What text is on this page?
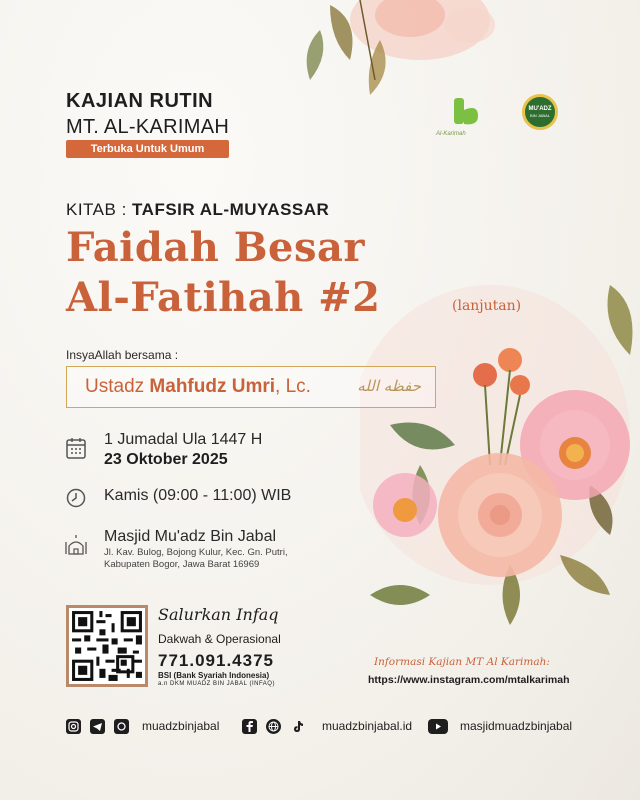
KAJIAN RUTIN
MT. AL-KARIMAH
Terbuka Untuk Umum
Al-Karimah
MU'ADZ
BIN JABAL
KITAB : TAFSIR AL-MUYASSAR
Faidah Besar
Al-Fatihah #2	(lanjutan)
InsyaAllah bersama :
Ustadz Mahfudz Umri, Lc.	حفظه الله
1 Jumadal Ula 1447 H
23 Oktober 2025
Kamis (09:00 - 11:00) WIB
Masjid Mu'adz Bin Jabal
Jl. Kav. Bulog, Bojong Kulur, Kec. Gn. Putri,
Kabupaten Bogor, Jawa Barat 16969
Salurkan Infaq
Dakwah & Operasional
771.091.4375
BSI (Bank Syariah Indonesia)
a.n DKM MUADZ BIN JABAL (INFAQ)
Informasi Kajian MT Al Karimah:
https://www.instagram.com/mtalkarimah
muadzbinjabal	muadzbinjabal.id	masjidmuadzbinjabal
